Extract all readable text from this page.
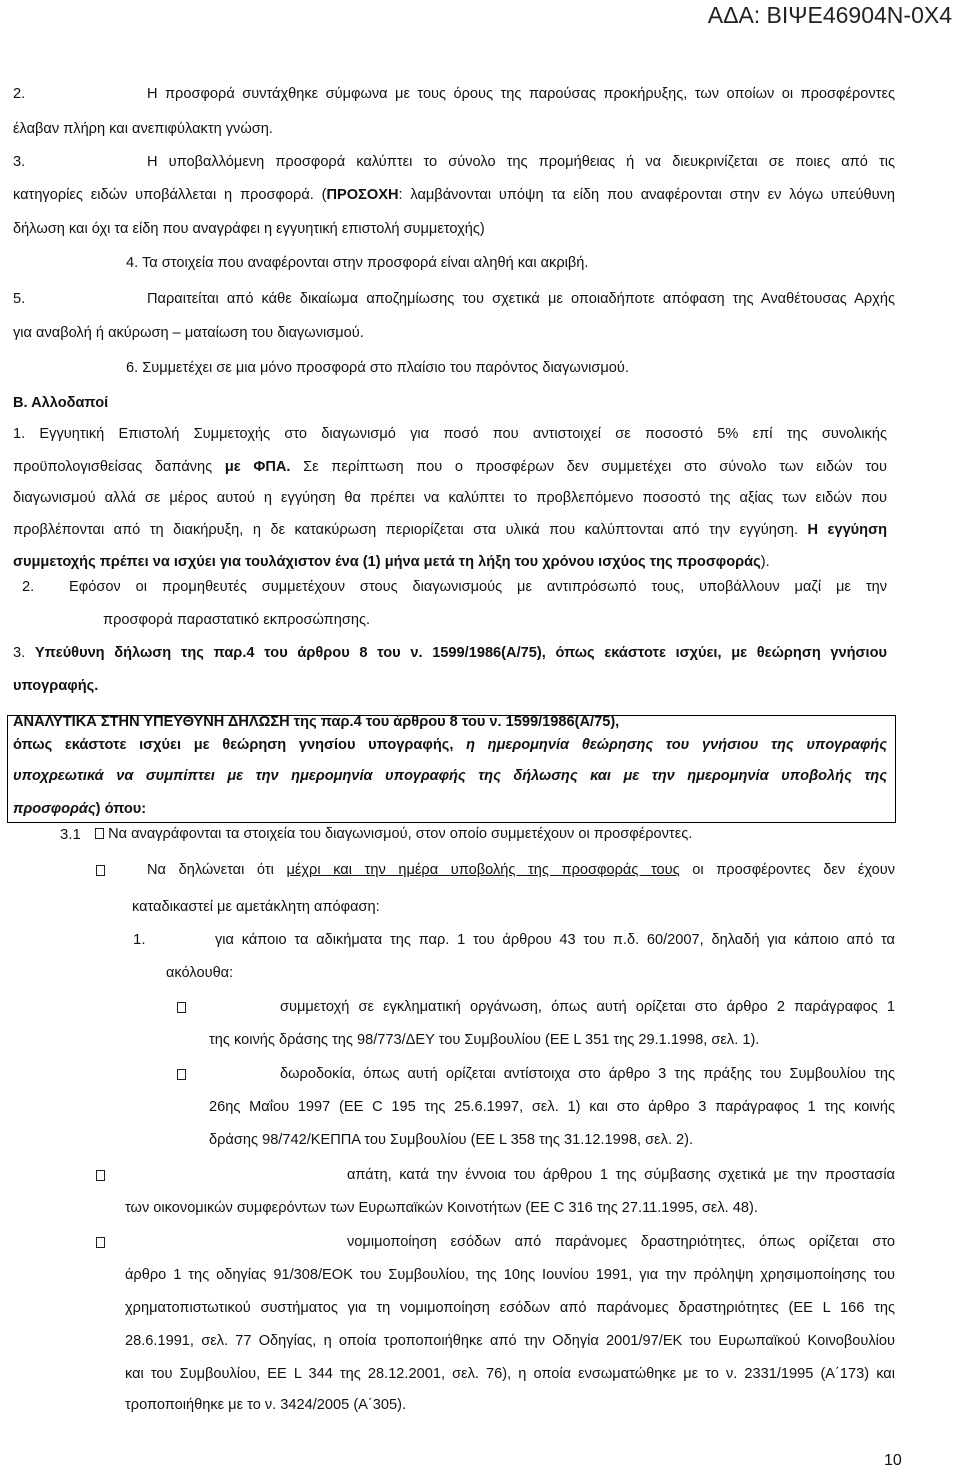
ΑΔΑ: ΒΙΨΕ46904Ν-0Χ4
2.	Η προσφορά συντάχθηκε σύμφωνα με τους όρους της παρούσας προκήρυξης, των οποίων οι προσφέροντες
έλαβαν πλήρη και ανεπιφύλακτη γνώση.
3.	Η υποβαλλόμενη προσφορά καλύπτει το σύνολο της προμήθειας ή να διευκρινίζεται σε ποιες από τις
κατηγορίες ειδών υποβάλλεται η προσφορά. (ΠΡΟΣΟΧΗ: λαμβάνονται υπόψη τα είδη που αναφέρονται στην εν λόγω υπεύθυνη
δήλωση και όχι τα είδη που αναγράφει η εγγυητική επιστολή συμμετοχής)
4. Τα στοιχεία που αναφέρονται στην προσφορά είναι αληθή και ακριβή.
5.	Παραιτείται από κάθε δικαίωμα αποζημίωσης του σχετικά με οποιαδήποτε απόφαση της Αναθέτουσας Αρχής
για αναβολή ή ακύρωση – ματαίωση του διαγωνισμού.
6. Συμμετέχει σε μια μόνο προσφορά στο πλαίσιο του παρόντος διαγωνισμού.
Β. Αλλοδαποί
1. Εγγυητική Επιστολή Συμμετοχής στο διαγωνισμό για ποσό που αντιστοιχεί σε ποσοστό 5% επί της συνολικής
προϋπολογισθείσας δαπάνης με ΦΠΑ. Σε περίπτωση που ο προσφέρων δεν συμμετέχει στο σύνολο των ειδών του
διαγωνισμού αλλά σε μέρος αυτού η εγγύηση θα πρέπει να καλύπτει το προβλεπόμενο ποσοστό της αξίας των ειδών που
προβλέπονται από τη διακήρυξη, η δε κατακύρωση περιορίζεται στα υλικά που καλύπτονται από την εγγύηση. Η εγγύηση
συμμετοχής πρέπει να ισχύει για τουλάχιστον ένα (1) μήνα μετά τη λήξη του χρόνου ισχύος της προσφοράς).
2. Εφόσον οι προμηθευτές συμμετέχουν στους διαγωνισμούς με αντιπρόσωπό τους, υποβάλλουν μαζί με την
προσφορά παραστατικό εκπροσώπησης.
3. Υπεύθυνη δήλωση της παρ.4 του άρθρου 8 του ν. 1599/1986(Α/75), όπως εκάστοτε ισχύει, με θεώρηση γνήσιου
υπογραφής.
ΑΝΑΛΥΤΙΚΑ ΣΤΗΝ ΥΠΕΥΘΥΝΗ ΔΗΛΩΣΗ της παρ.4 του άρθρου 8 του ν. 1599/1986(Α/75),
όπως εκάστοτε ισχύει με θεώρηση γνησίου υπογραφής, η ημερομηνία θεώρησης του γνήσιου της υπογραφής
υποχρεωτικά να συμπίπτει με την ημερομηνία υπογραφής της δήλωσης και με την ημερομηνία υποβολής της
προσφοράς) όπου:
3.1	Να αναγράφονται τα στοιχεία του διαγωνισμού, στον οποίο συμμετέχουν οι προσφέροντες.
Να δηλώνεται ότι μέχρι και την ημέρα υποβολής της προσφοράς τους οι προσφέροντες δεν έχουν
καταδικαστεί με αμετάκλητη απόφαση:
1.	για κάποιο τα αδικήματα της παρ. 1 του άρθρου 43 του π.δ. 60/2007, δηλαδή για κάποιο από τα
ακόλουθα:
συμμετοχή σε εγκληματική οργάνωση, όπως αυτή ορίζεται στο άρθρο 2 παράγραφος 1
της κοινής δράσης της 98/773/ΔΕΥ του Συμβουλίου (ΕΕ L 351 της 29.1.1998, σελ. 1).
δωροδοκία, όπως αυτή ορίζεται αντίστοιχα στο άρθρο 3 της πράξης του Συμβουλίου της
26ης Μαΐου 1997 (ΕΕ C 195 της 25.6.1997, σελ. 1) και στο άρθρο 3 παράγραφος 1 της κοινής
δράσης 98/742/ΚΕΠΠΑ του Συμβουλίου (ΕΕ L 358 της 31.12.1998, σελ. 2).
απάτη, κατά την έννοια του άρθρου 1 της σύμβασης σχετικά με την προστασία
των οικονομικών συμφερόντων των Ευρωπαϊκών Κοινοτήτων (ΕΕ C 316 της 27.11.1995, σελ. 48).
νομιμοποίηση εσόδων από παράνομες δραστηριότητες, όπως ορίζεται στο
άρθρο 1 της οδηγίας 91/308/ΕΟΚ του Συμβουλίου, της 10ης Ιουνίου 1991, για την πρόληψη χρησιμοποίησης του
χρηματοπιστωτικού συστήματος για τη νομιμοποίηση εσόδων από παράνομες δραστηριότητες (ΕΕ L 166 της
28.6.1991, σελ. 77 Οδηγίας, η οποία τροποποιήθηκε από την Οδηγία 2001/97/ΕΚ του Ευρωπαϊκού Κοινοβουλίου
και του Συμβουλίου, ΕΕ L 344 της 28.12.2001, σελ. 76), η οποία ενσωματώθηκε με το ν. 2331/1995 (Α΄173) και
τροποποιήθηκε με το ν. 3424/2005 (Α΄305).
10
